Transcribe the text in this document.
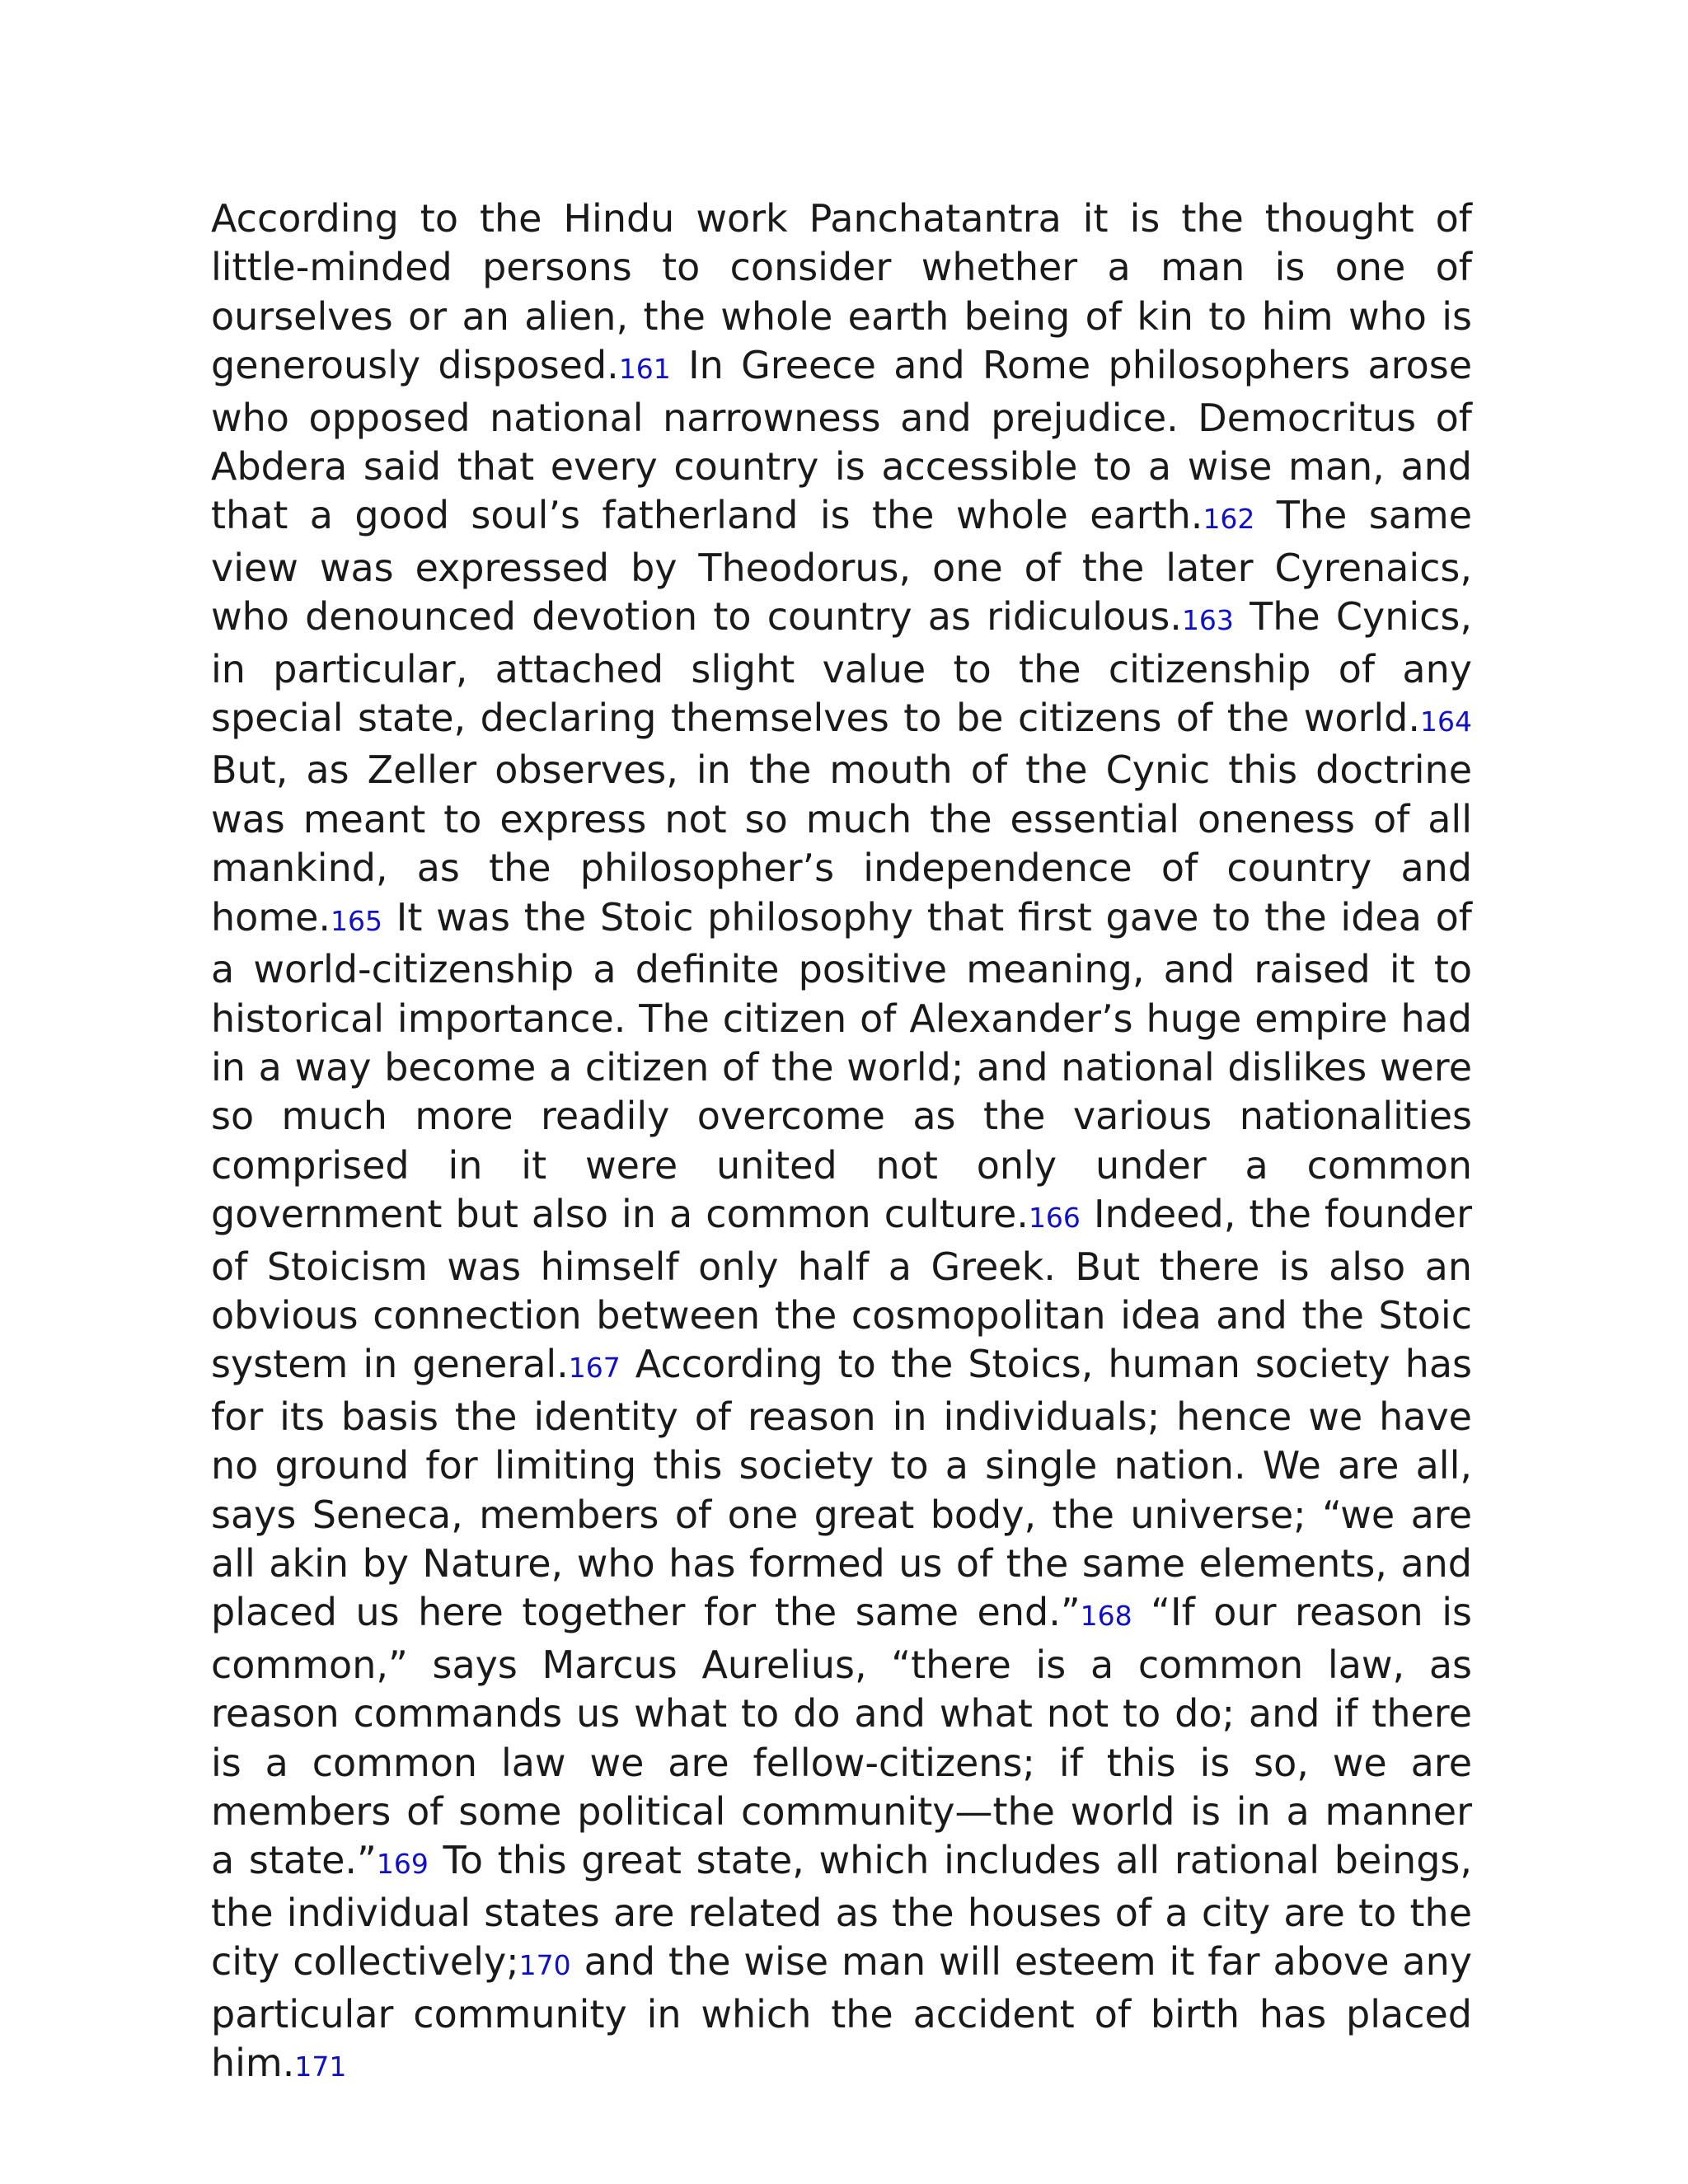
According to the Hindu work Panchatantra it is the thought of little-minded persons to consider whether a man is one of ourselves or an alien, the whole earth being of kin to him who is generously disposed.161 In Greece and Rome philosophers arose who opposed national narrowness and prejudice. Democritus of Abdera said that every country is accessible to a wise man, and that a good soul’s fatherland is the whole earth.162 The same view was expressed by Theodorus, one of the later Cyrenaics, who denounced devotion to country as ridiculous.163 The Cynics, in particular, attached slight value to the citizenship of any special state, declaring themselves to be citizens of the world.164 But, as Zeller observes, in the mouth of the Cynic this doctrine was meant to express not so much the essential oneness of all mankind, as the philosopher’s independence of country and home.165 It was the Stoic philosophy that first gave to the idea of a world-citizenship a definite positive meaning, and raised it to historical importance. The citizen of Alexander’s huge empire had in a way become a citizen of the world; and national dislikes were so much more readily overcome as the various nationalities comprised in it were united not only under a common government but also in a common culture.166 Indeed, the founder of Stoicism was himself only half a Greek. But there is also an obvious connection between the cosmopolitan idea and the Stoic system in general.167 According to the Stoics, human society has for its basis the identity of reason in individuals; hence we have no ground for limiting this society to a single nation. We are all, says Seneca, members of one great body, the universe; “we are all akin by Nature, who has formed us of the same elements, and placed us here together for the same end.”168 “If our reason is common,” says Marcus Aurelius, “there is a common law, as reason commands us what to do and what not to do; and if there is a common law we are fellow-citizens; if this is so, we are members of some political community—the world is in a manner a state.”169 To this great state, which includes all rational beings, the individual states are related as the houses of a city are to the city collectively;170 and the wise man will esteem it far above any particular community in which the accident of birth has placed him.171
